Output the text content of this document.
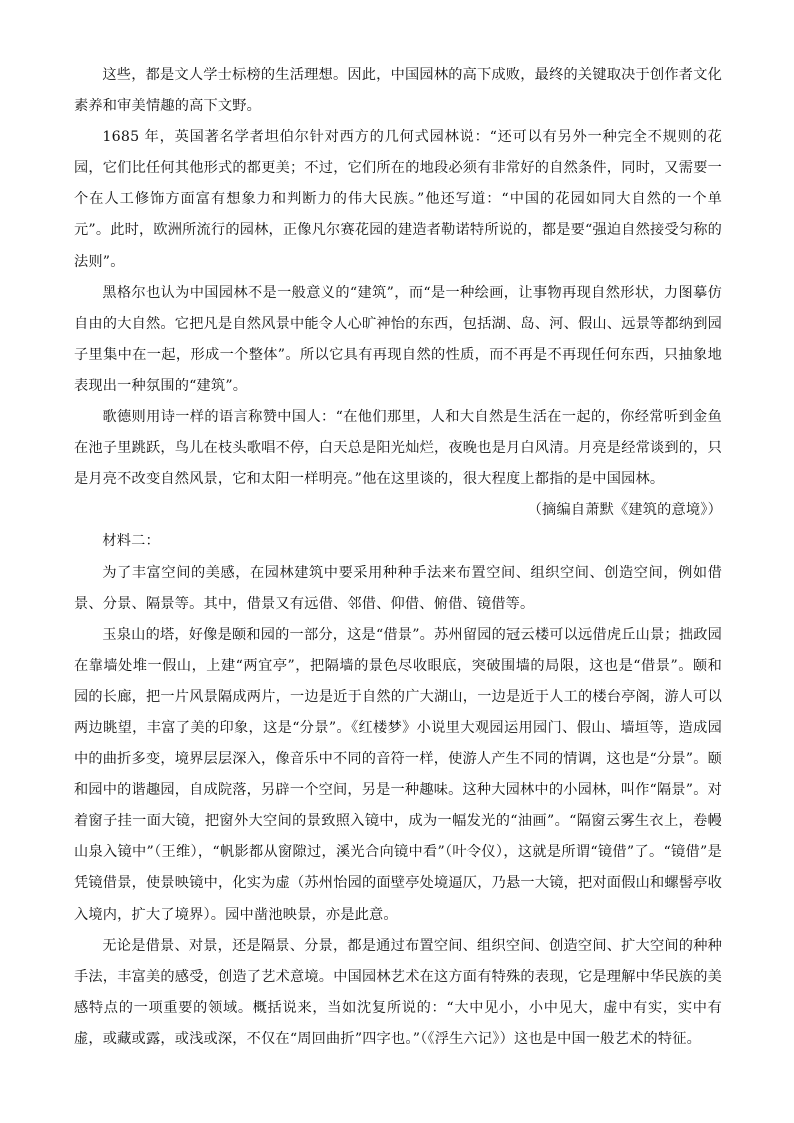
这些，都是文人学士标榜的生活理想。因此，中国园林的高下成败，最终的关键取决于创作者文化素养和审美情趣的高下文野。

1685 年，英国著名学者坦伯尔针对西方的几何式园林说：“还可以有另外一种完全不规则的花园，它们比任何其他形式的都更美；不过，它们所在的地段必须有非常好的自然条件，同时，又需要一个在人工修饰方面富有想象力和判断力的伟大民族。”他还写道：“中国的花园如同大自然的一个单元”。此时，欧洲所流行的园林，正像凡尔赛花园的建造者勒诺特所说的，都是要“强迫自然接受匀称的法则”。

黑格尔也认为中国园林不是一般意义的“建筑”，而“是一种绘画，让事物再现自然形状，力图摹仿自由的大自然。它把凡是自然风景中能令人心旷神怡的东西，包括湖、岛、河、假山、远景等都纳到园子里集中在一起，形成一个整体”。所以它具有再现自然的性质，而不再是不再现任何东西，只抽象地表现出一种氛围的“建筑”。

歌德则用诗一样的语言称赞中国人：“在他们那里，人和大自然是生活在一起的，你经常听到金鱼在池子里跳跃，鸟儿在枝头歌唱不停，白天总是阳光灿烂，夜晚也是月白风清。月亮是经常谈到的，只是月亮不改变自然风景，它和太阳一样明亮。”他在这里谈的，很大程度上都指的是中国园林。

（摘编自萧默《建筑的意境》）

材料二：

为了丰富空间的美感，在园林建筑中要采用种种手法来布置空间、组织空间、创造空间，例如借景、分景、隔景等。其中，借景又有远借、邻借、仰借、俯借、镜借等。

玉泉山的塔，好像是颐和园的一部分，这是“借景”。苏州留园的冠云楼可以远借虎丘山景；拙政园在靠墙处堆一假山，上建“两宜亭”，把隔墙的景色尽收眼底，突破围墙的局限，这也是“借景”。颐和园的长廊，把一片风景隔成两片，一边是近于自然的广大湖山，一边是近于人工的楼台亭阁，游人可以两边眺望，丰富了美的印象，这是“分景”。《红楼梦》小说里大观园运用园门、假山、墙垣等，造成园中的曲折多变，境界层层深入，像音乐中不同的音符一样，使游人产生不同的情调，这也是“分景”。颐和园中的谐趣园，自成院落，另辟一个空间，另是一种趣味。这种大园林中的小园林，叫作“隔景”。对着窗子挂一面大镜，把窗外大空间的景致照入镜中，成为一幅发光的“油画”。“隔窗云雾生衣上，卷幔山泉入镜中”（王维），“帆影都从窗隙过，溪光合向镜中看”（叶令仪），这就是所谓“镜借”了。“镜借”是凭镜借景，使景映镜中，化实为虚（苏州怡园的面壁亭处境逼仄，乃悬一大镜，把对面假山和螺髻亭收入境内，扩大了境界）。园中凿池映景，亦是此意。

无论是借景、对景，还是隔景、分景，都是通过布置空间、组织空间、创造空间、扩大空间的种种手法，丰富美的感受，创造了艺术意境。中国园林艺术在这方面有特殊的表现，它是理解中华民族的美感特点的一项重要的领域。概括说来，当如沈复所说的：“大中见小，小中见大，虚中有实，实中有虚，或藏或露，或浅或深，不仅在“周回曲折”四字也。”（《浮生六记》）这也是中国一般艺术的特征。
